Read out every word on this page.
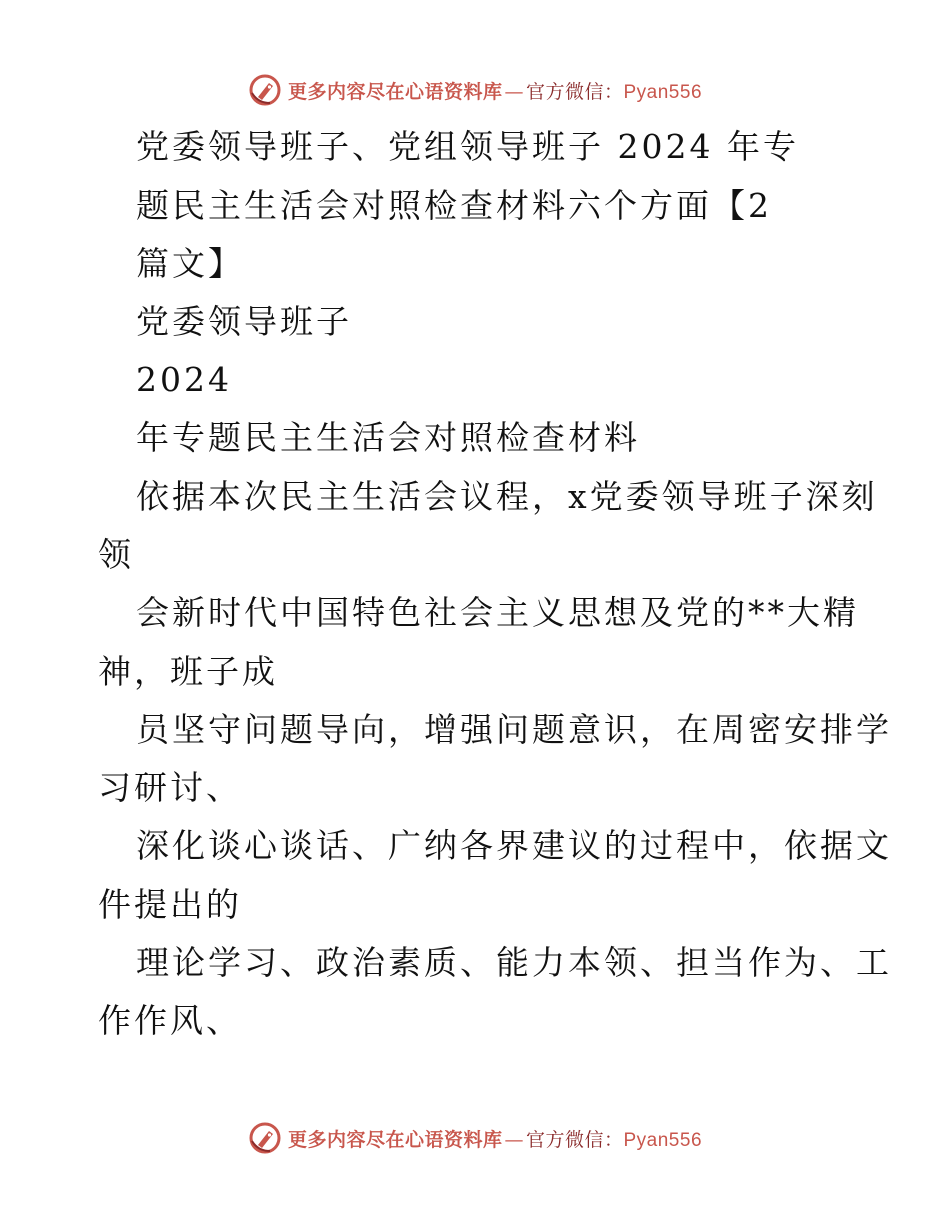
更多内容尽在心语资料库 — 官方微信： Pyan556
党委领导班子、党组领导班子 2024 年专
题民主生活会对照检查材料六个方面【2
篇文】
党委领导班子
2024
年专题民主生活会对照检查材料
依据本次民主生活会议程，x党委领导班子深刻
领
会新时代中国特色社会主义思想及党的**大精
神，班子成
员坚守问题导向，增强问题意识，在周密安排学
习研讨、
深化谈心谈话、广纳各界建议的过程中，依据文
件提出的
理论学习、政治素质、能力本领、担当作为、工
作作风、
更多内容尽在心语资料库 — 官方微信： Pyan556
